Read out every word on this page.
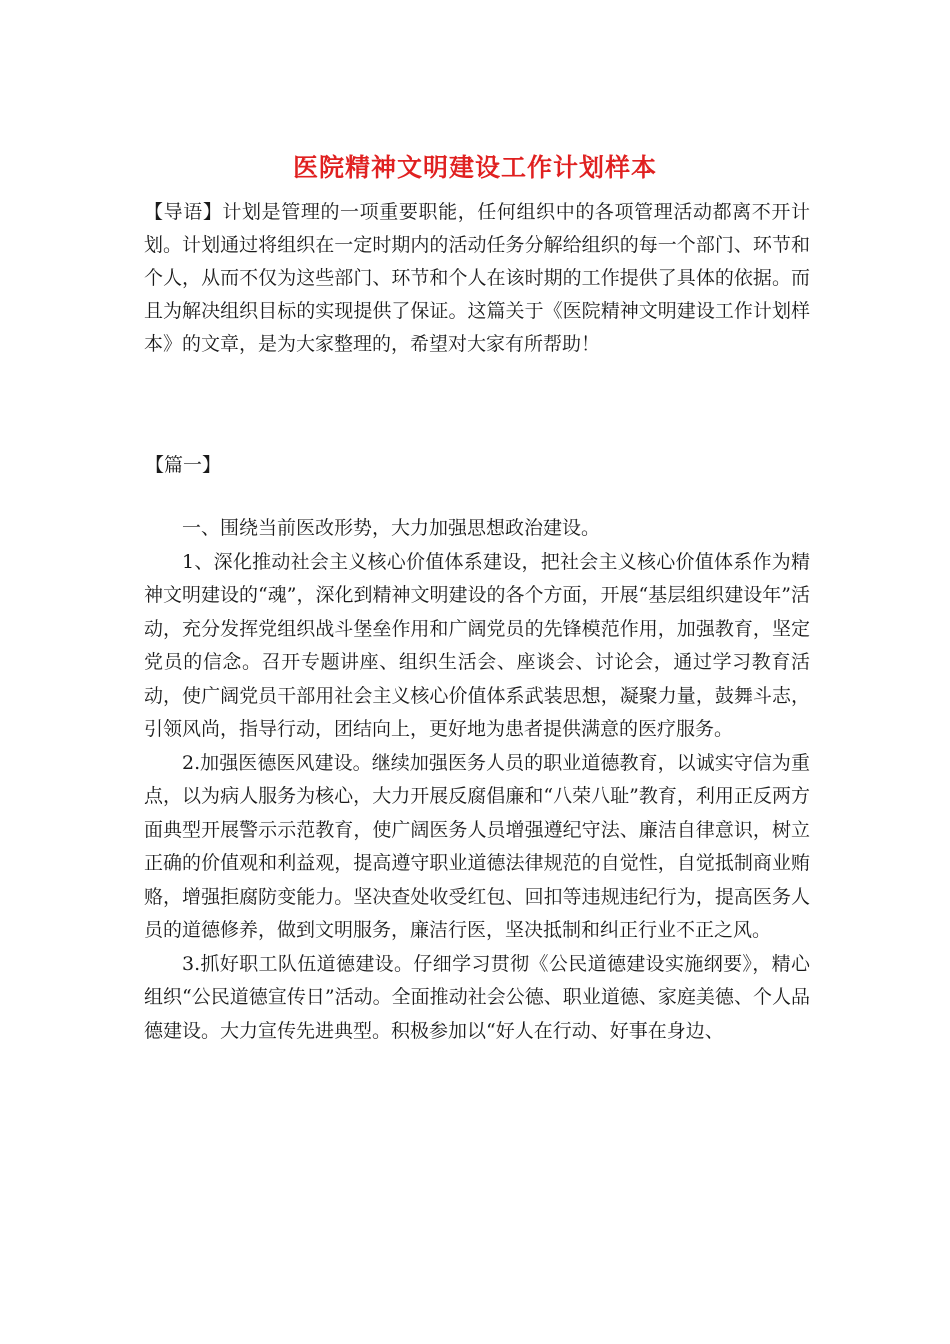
医院精神文明建设工作计划样本
【导语】计划是管理的一项重要职能，任何组织中的各项管理活动都离不开计划。计划通过将组织在一定时期内的活动任务分解给组织的每一个部门、环节和个人，从而不仅为这些部门、环节和个人在该时期的工作提供了具体的依据。而且为解决组织目标的实现提供了保证。这篇关于《医院精神文明建设工作计划样本》的文章，是为大家整理的，希望对大家有所帮助！
【篇一】

一、围绕当前医改形势，大力加强思想政治建设。

1、深化推动社会主义核心价值体系建设，把社会主义核心价值体系作为精神文明建设的“魂”，深化到精神文明建设的各个方面，开展“基层组织建设年”活动，充分发挥党组织战斗堡垒作用和广阔党员的先锋模范作用，加强教育，坚定党员的信念。召开专题讲座、组织生活会、座谈会、讨论会，通过学习教育活动，使广阔党员干部用社会主义核心价值体系武装思想，凝聚力量，鼓舞斗志，引领风尚，指导行动，团结向上，更好地为患者提供满意的医疗服务。

2.加强医德医风建设。继续加强医务人员的职业道德教育，以诚实守信为重点，以为病人服务为核心，大力开展反腐倡廉和“八荣八耻”教育，利用正反两方面典型开展警示示范教育，使广阔医务人员增强遵纪守法、廉洁自律意识，树立正确的价值观和利益观，提高遵守职业道德法律规范的自觉性，自觉抵制商业贿赂，增强拒腐防变能力。坚决查处收受红包、回扣等违规违纪行为，提高医务人员的道德修养，做到文明服务，廉洁行医，坚决抵制和纠正行业不正之风。

3.抓好职工队伍道德建设。仔细学习贯彻《公民道德建设实施纲要》，精心组织“公民道德宣传日”活动。全面推动社会公德、职业道德、家庭美德、个人品德建设。大力宣传先进典型。积极参加以“好人在行动、好事在身边、
